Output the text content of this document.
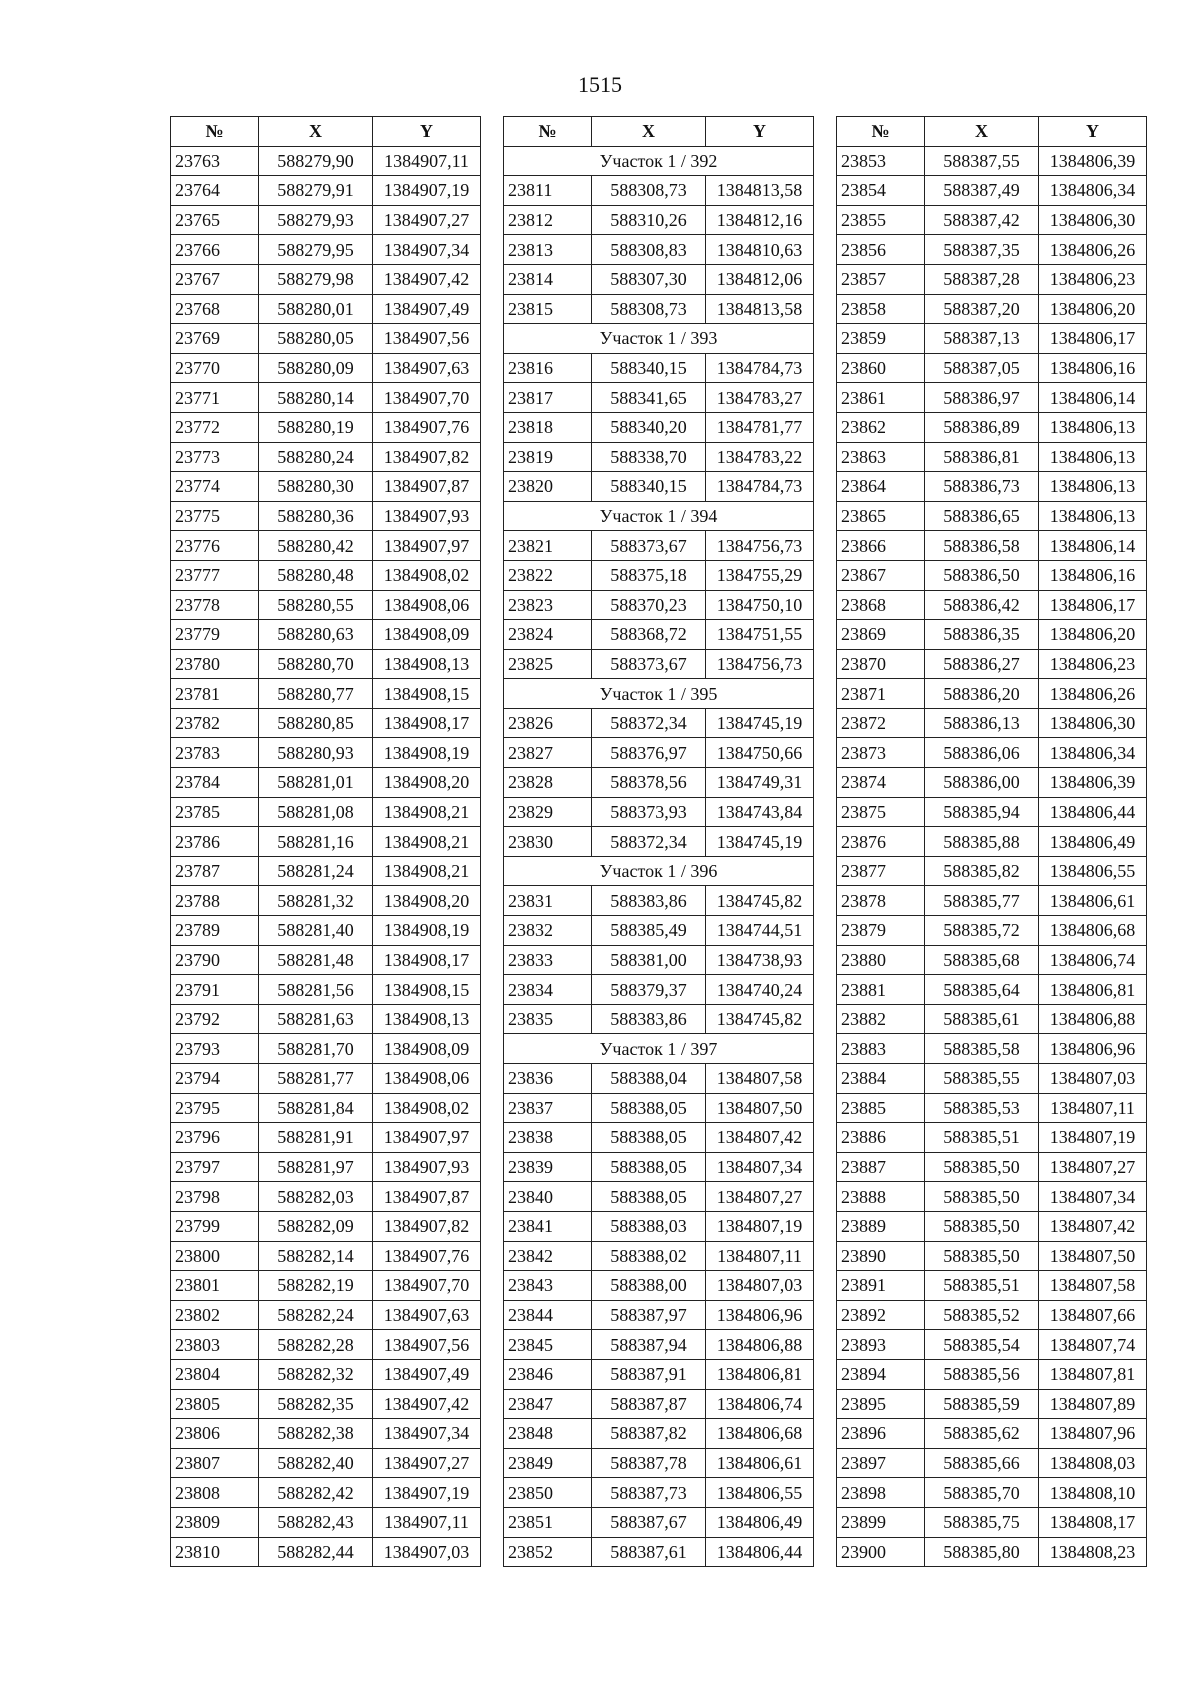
1515
№	X	Y
23763	588279,90	1384907,11
23764	588279,91	1384907,19
23765	588279,93	1384907,27
23766	588279,95	1384907,34
23767	588279,98	1384907,42
23768	588280,01	1384907,49
23769	588280,05	1384907,56
23770	588280,09	1384907,63
23771	588280,14	1384907,70
23772	588280,19	1384907,76
23773	588280,24	1384907,82
23774	588280,30	1384907,87
23775	588280,36	1384907,93
23776	588280,42	1384907,97
23777	588280,48	1384908,02
23778	588280,55	1384908,06
23779	588280,63	1384908,09
23780	588280,70	1384908,13
23781	588280,77	1384908,15
23782	588280,85	1384908,17
23783	588280,93	1384908,19
23784	588281,01	1384908,20
23785	588281,08	1384908,21
23786	588281,16	1384908,21
23787	588281,24	1384908,21
23788	588281,32	1384908,20
23789	588281,40	1384908,19
23790	588281,48	1384908,17
23791	588281,56	1384908,15
23792	588281,63	1384908,13
23793	588281,70	1384908,09
23794	588281,77	1384908,06
23795	588281,84	1384908,02
23796	588281,91	1384907,97
23797	588281,97	1384907,93
23798	588282,03	1384907,87
23799	588282,09	1384907,82
23800	588282,14	1384907,76
23801	588282,19	1384907,70
23802	588282,24	1384907,63
23803	588282,28	1384907,56
23804	588282,32	1384907,49
23805	588282,35	1384907,42
23806	588282,38	1384907,34
23807	588282,40	1384907,27
23808	588282,42	1384907,19
23809	588282,43	1384907,11
23810	588282,44	1384907,03
№	X	Y
Участок 1 / 392		
23811	588308,73	1384813,58
23812	588310,26	1384812,16
23813	588308,83	1384810,63
23814	588307,30	1384812,06
23815	588308,73	1384813,58
Участок 1 / 393		
23816	588340,15	1384784,73
23817	588341,65	1384783,27
23818	588340,20	1384781,77
23819	588338,70	1384783,22
23820	588340,15	1384784,73
Участок 1 / 394		
23821	588373,67	1384756,73
23822	588375,18	1384755,29
23823	588370,23	1384750,10
23824	588368,72	1384751,55
23825	588373,67	1384756,73
Участок 1 / 395		
23826	588372,34	1384745,19
23827	588376,97	1384750,66
23828	588378,56	1384749,31
23829	588373,93	1384743,84
23830	588372,34	1384745,19
Участок 1 / 396		
23831	588383,86	1384745,82
23832	588385,49	1384744,51
23833	588381,00	1384738,93
23834	588379,37	1384740,24
23835	588383,86	1384745,82
Участок 1 / 397		
23836	588388,04	1384807,58
23837	588388,05	1384807,50
23838	588388,05	1384807,42
23839	588388,05	1384807,34
23840	588388,05	1384807,27
23841	588388,03	1384807,19
23842	588388,02	1384807,11
23843	588388,00	1384807,03
23844	588387,97	1384806,96
23845	588387,94	1384806,88
23846	588387,91	1384806,81
23847	588387,87	1384806,74
23848	588387,82	1384806,68
23849	588387,78	1384806,61
23850	588387,73	1384806,55
23851	588387,67	1384806,49
23852	588387,61	1384806,44
№	X	Y
23853	588387,55	1384806,39
23854	588387,49	1384806,34
23855	588387,42	1384806,30
23856	588387,35	1384806,26
23857	588387,28	1384806,23
23858	588387,20	1384806,20
23859	588387,13	1384806,17
23860	588387,05	1384806,16
23861	588386,97	1384806,14
23862	588386,89	1384806,13
23863	588386,81	1384806,13
23864	588386,73	1384806,13
23865	588386,65	1384806,13
23866	588386,58	1384806,14
23867	588386,50	1384806,16
23868	588386,42	1384806,17
23869	588386,35	1384806,20
23870	588386,27	1384806,23
23871	588386,20	1384806,26
23872	588386,13	1384806,30
23873	588386,06	1384806,34
23874	588386,00	1384806,39
23875	588385,94	1384806,44
23876	588385,88	1384806,49
23877	588385,82	1384806,55
23878	588385,77	1384806,61
23879	588385,72	1384806,68
23880	588385,68	1384806,74
23881	588385,64	1384806,81
23882	588385,61	1384806,88
23883	588385,58	1384806,96
23884	588385,55	1384807,03
23885	588385,53	1384807,11
23886	588385,51	1384807,19
23887	588385,50	1384807,27
23888	588385,50	1384807,34
23889	588385,50	1384807,42
23890	588385,50	1384807,50
23891	588385,51	1384807,58
23892	588385,52	1384807,66
23893	588385,54	1384807,74
23894	588385,56	1384807,81
23895	588385,59	1384807,89
23896	588385,62	1384807,96
23897	588385,66	1384808,03
23898	588385,70	1384808,10
23899	588385,75	1384808,17
23900	588385,80	1384808,23
